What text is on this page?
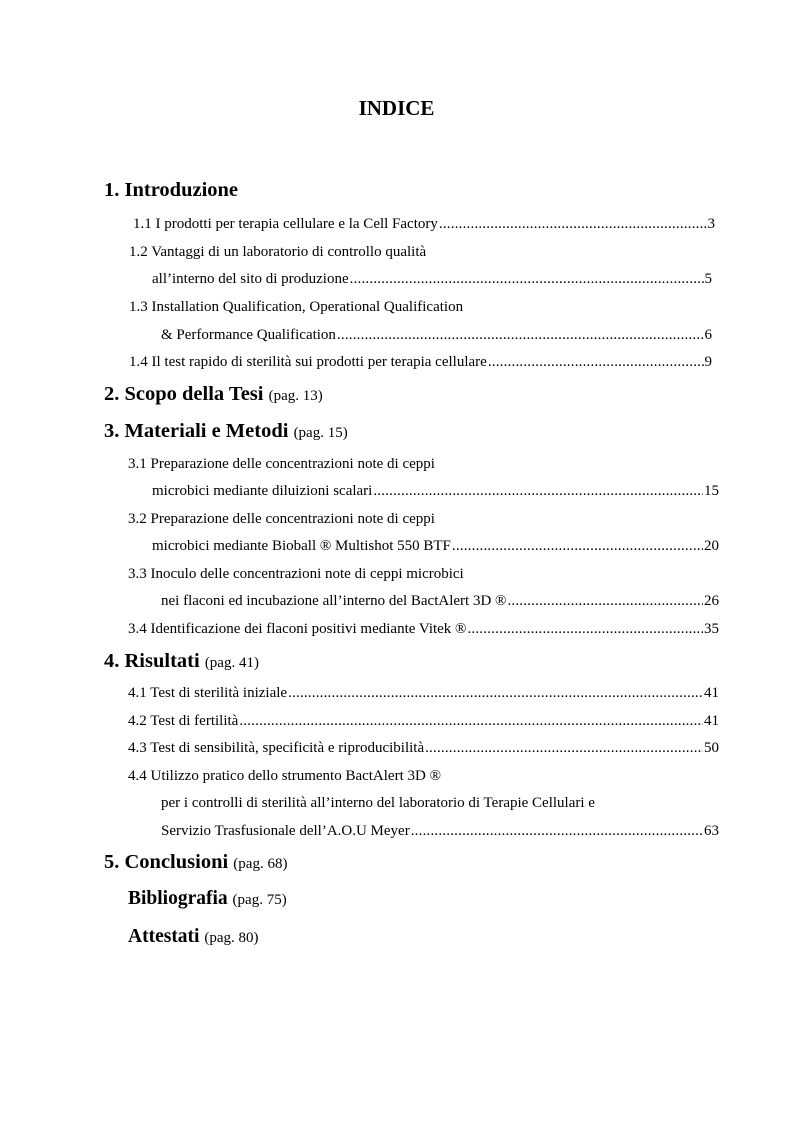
INDICE
1. Introduzione
1.1 I prodotti per terapia cellulare e la Cell Factory .....	3
1.2 Vantaggi di un laboratorio di controllo qualità
all’interno del sito di produzione .....	5
1.3 Installation Qualification, Operational Qualification
& Performance Qualification .....	6
1.4 Il test rapido di sterilità sui prodotti per terapia cellulare .....	9
2. Scopo della Tesi (pag. 13)
3. Materiali e Metodi (pag. 15)
3.1 Preparazione delle concentrazioni note di ceppi
microbici mediante diluizioni scalari .....	15
3.2 Preparazione delle concentrazioni note di ceppi
microbici mediante Bioball ® Multishot 550 BTF .....	20
3.3 Inoculo delle concentrazioni note di ceppi microbici
nei flaconi ed incubazione all’interno del BactAlert 3D ® .....	26
3.4 Identificazione dei flaconi positivi mediante Vitek ® .....	35
4. Risultati (pag. 41)
4.1 Test di sterilità iniziale .....	41
4.2 Test di fertilità .....	41
4.3 Test di sensibilità, specificità e riproducibilità .....	50
4.4 Utilizzo pratico dello strumento BactAlert 3D ®
per i controlli di sterilità all’interno del laboratorio di Terapie Cellulari e
Servizio Trasfusionale dell’A.O.U Meyer .....	63
5. Conclusioni (pag. 68)
Bibliografia (pag. 75)
Attestati (pag. 80)
